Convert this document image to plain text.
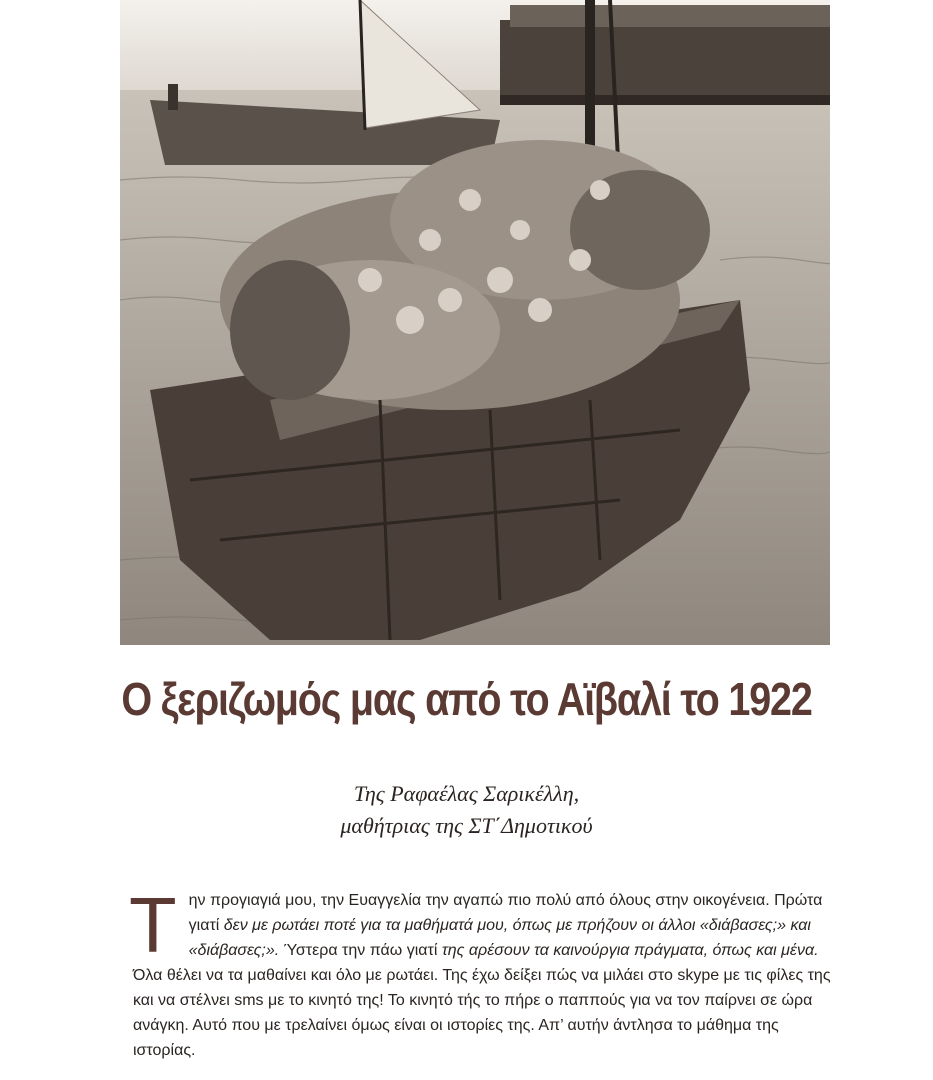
Ο ξεριζωμός μας από το Αϊβαλί το 1922
Της Ραφαέλας Σαρικέλλη,
μαθήτριας της ΣΤ΄Δημοτικού
Την προγιαγιά μου, την Ευαγγελία την αγαπώ πιο πολύ από όλους στην οικογένεια. Πρώτα γιατί δεν με ρωτάει ποτέ για τα μαθήματά μου, όπως με πρήζουν οι άλλοι «διάβασες;» και «διάβασες;». Ύστερα την πάω γιατί της αρέσουν τα καινούργια πράγματα, όπως και μένα. Όλα θέλει να τα μαθαίνει και όλο με ρωτάει. Της έχω δείξει πώς να μιλάει στο skype με τις φίλες της και να στέλνει sms με το κινητό της! Το κινητό τής το πήρε ο παππούς για να τον παίρνει σε ώρα ανάγκη. Αυτό που με τρελαίνει όμως είναι οι ιστορίες της. Απ’ αυτήν άντλησα το μάθημα της ιστορίας.
